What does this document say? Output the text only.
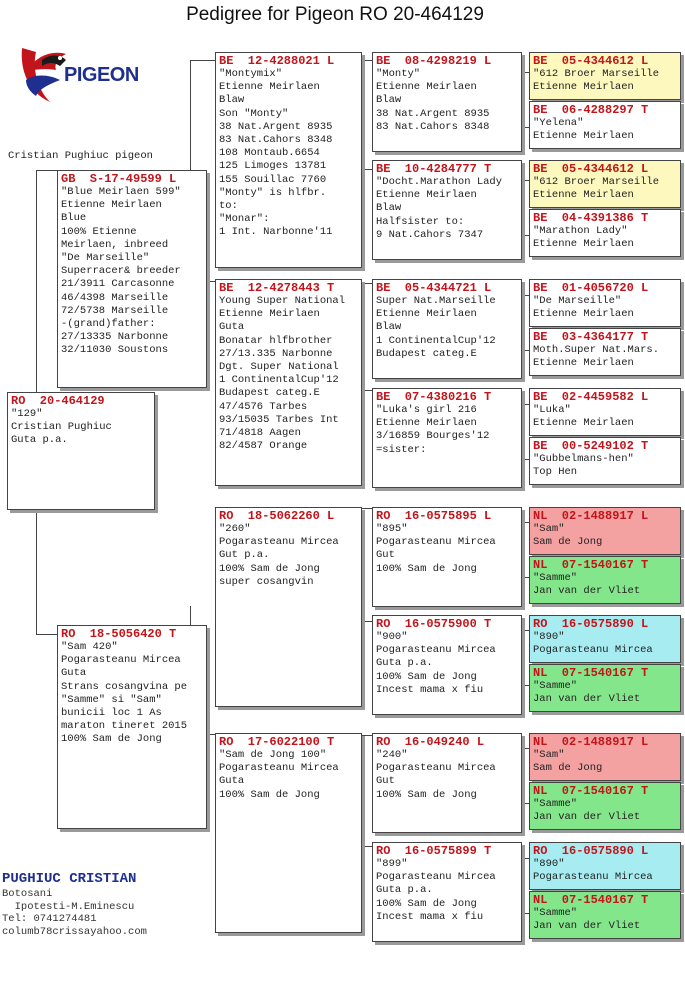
Pedigree for Pigeon RO 20-464129
PIGEON
Cristian Pughiuc pigeon
RO  20-464129
"129"
Cristian Pughiuc
Guta p.a.
GB  S-17-49599 L
"Blue Meirlaen 599"
Etienne Meirlaen
Blue
100% Etienne
Meirlaen, inbreed
"De Marseille"
Superracer& breeder
21/3911 Carcasonne
46/4398 Marseille
72/5738 Marseille
-(grand)father:
27/13335 Narbonne
32/11030 Soustons
RO  18-5056420 T
"Sam 420"
Pogarasteanu Mircea
Guta
Strans cosangvina pe
"Samme" si "Sam"
bunicii loc 1 As
maraton tineret 2015
100% Sam de Jong
BE  12-4288021 L
"Montymix"
Etienne Meirlaen
Blaw
Son "Monty"
38 Nat.Argent 8935
83 Nat.Cahors 8348
108 Montaub.6654
125 Limoges 13781
155 Souillac 7760
"Monty" is hlfbr.
to:
"Monar":
1 Int. Narbonne'11
BE  12-4278443 T
Young Super National
Etienne Meirlaen
Guta
Bonatar hlfbrother
27/13.335 Narbonne
Dgt. Super National
1 ContinentalCup'12
Budapest categ.E
47/4576 Tarbes
93/15035 Tarbes Int
71/4818 Aagen
82/4587 Orange
RO  18-5062260 L
"260"
Pogarasteanu Mircea
Gut p.a.
100% Sam de Jong
super cosangvin
RO  17-6022100 T
"Sam de Jong 100"
Pogarasteanu Mircea
Guta
100% Sam de Jong
BE  08-4298219 L
"Monty"
Etienne Meirlaen
Blaw
38 Nat.Argent 8935
83 Nat.Cahors 8348
BE  10-4284777 T
"Docht.Marathon Lady
Etienne Meirlaen
Blaw
Halfsister to:
9 Nat.Cahors 7347
BE  05-4344721 L
Super Nat.Marseille
Etienne Meirlaen
Blaw
1 ContinentalCup'12
Budapest categ.E
BE  07-4380216 T
"Luka's girl 216
Etienne Meirlaen
3/16859 Bourges'12
=sister:
RO  16-0575895 L
"895"
Pogarasteanu Mircea
Gut
100% Sam de Jong
RO  16-0575900 T
"900"
Pogarasteanu Mircea
Guta p.a.
100% Sam de Jong
Incest mama x fiu
RO  16-049240 L
"240"
Pogarasteanu Mircea
Gut
100% Sam de Jong
RO  16-0575899 T
"899"
Pogarasteanu Mircea
Guta p.a.
100% Sam de Jong
Incest mama x fiu
BE  05-4344612 L
"612 Broer Marseille
Etienne Meirlaen
BE  06-4288297 T
"Yelena"
Etienne Meirlaen
BE  05-4344612 L
"612 Broer Marseille
Etienne Meirlaen
BE  04-4391386 T
"Marathon Lady"
Etienne Meirlaen
BE  01-4056720 L
"De Marseille"
Etienne Meirlaen
BE  03-4364177 T
Moth.Super Nat.Mars.
Etienne Meirlaen
BE  02-4459582 L
"Luka"
Etienne Meirlaen
BE  00-5249102 T
"Gubbelmans-hen"
Top Hen
NL  02-1488917 L
"Sam"
Sam de Jong
NL  07-1540167 T
"Samme"
Jan van der Vliet
RO  16-0575890 L
"890"
Pogarasteanu Mircea
NL  07-1540167 T
"Samme"
Jan van der Vliet
NL  02-1488917 L
"Sam"
Sam de Jong
NL  07-1540167 T
"Samme"
Jan van der Vliet
RO  16-0575890 L
"890"
Pogarasteanu Mircea
NL  07-1540167 T
"Samme"
Jan van der Vliet
PUGHIUC CRISTIAN
Botosani
Ipotesti-M.Eminescu
Tel: 0741274481
columb78crissayahoo.com
